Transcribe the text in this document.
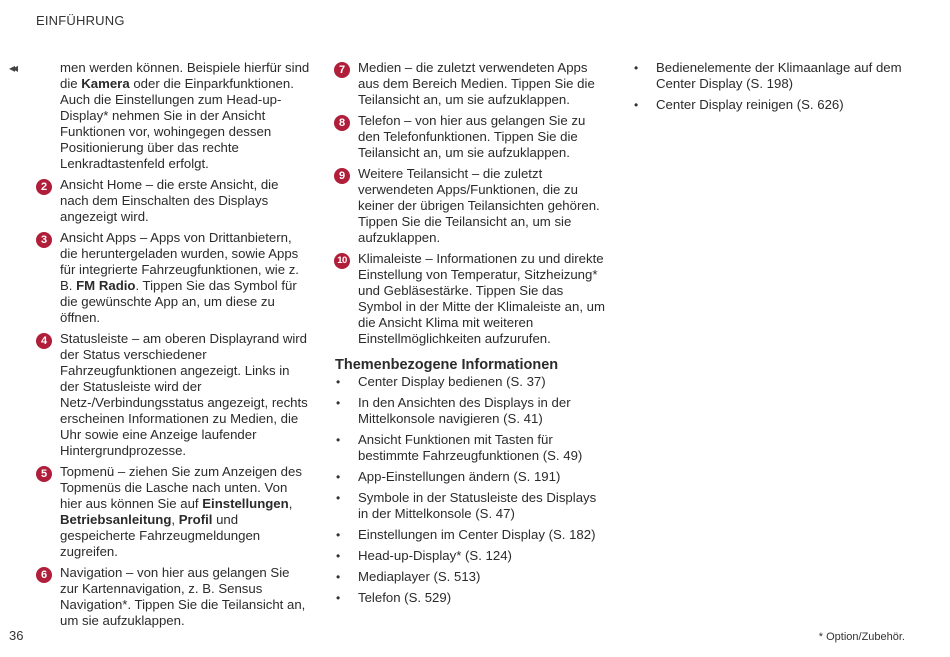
EINFÜHRUNG
◂◂	men werden können. Beispiele hierfür sind die Kamera oder die Einparkfunktionen. Auch die Einstellungen zum Head-up-Display* nehmen Sie in der Ansicht Funktionen vor, wohingegen dessen Positionierung über das rechte Lenkradtastenfeld erfolgt.

2 Ansicht Home – die erste Ansicht, die nach dem Einschalten des Displays angezeigt wird.
3 Ansicht Apps – Apps von Drittanbietern, die heruntergeladen wurden, sowie Apps für integrierte Fahrzeugfunktionen, wie z. B. FM Radio. Tippen Sie das Symbol für die gewünschte App an, um diese zu öffnen.
4 Statusleiste – am oberen Displayrand wird der Status verschiedener Fahrzeugfunktionen angezeigt. Links in der Statusleiste wird der Netz-/Verbindungsstatus angezeigt, rechts erscheinen Informationen zu Medien, die Uhr sowie eine Anzeige laufender Hintergrundprozesse.
5 Topmenü – ziehen Sie zum Anzeigen des Topmenüs die Lasche nach unten. Von hier aus können Sie auf Einstellungen, Betriebsanleitung, Profil und gespeicherte Fahrzeugmeldungen zugreifen.
6 Navigation – von hier aus gelangen Sie zur Kartennavigation, z. B. Sensus Navigation*. Tippen Sie die Teilansicht an, um sie aufzuklappen.
7 Medien – die zuletzt verwendeten Apps aus dem Bereich Medien. Tippen Sie die Teilansicht an, um sie aufzuklappen.
8 Telefon – von hier aus gelangen Sie zu den Telefonfunktionen. Tippen Sie die Teilansicht an, um sie aufzuklappen.
9 Weitere Teilansicht – die zuletzt verwendeten Apps/Funktionen, die zu keiner der übrigen Teilansichten gehören. Tippen Sie die Teilansicht an, um sie aufzuklappen.
10 Klimaleiste – Informationen zu und direkte Einstellung von Temperatur, Sitzheizung* und Gebläsestärke. Tippen Sie das Symbol in der Mitte der Klimaleiste an, um die Ansicht Klima mit weiteren Einstellmöglichkeiten aufzurufen.
Themenbezogene Informationen
• Center Display bedienen (S. 37)
• In den Ansichten des Displays in der Mittelkonsole navigieren (S. 41)
• Ansicht Funktionen mit Tasten für bestimmte Fahrzeugfunktionen (S. 49)
• App-Einstellungen ändern (S. 191)
• Symbole in der Statusleiste des Displays in der Mittelkonsole (S. 47)
• Einstellungen im Center Display (S. 182)
• Head-up-Display* (S. 124)
• Mediaplayer (S. 513)
• Telefon (S. 529)
• Bedienelemente der Klimaanlage auf dem Center Display (S. 198)
• Center Display reinigen (S. 626)
36	* Option/Zubehör.
